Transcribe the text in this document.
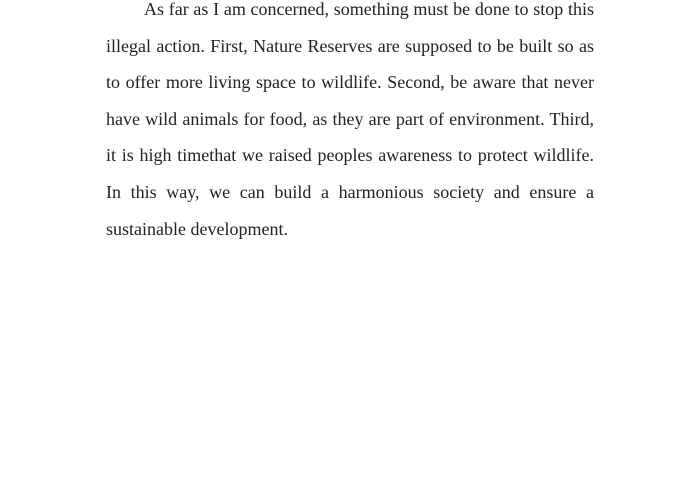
As far as I am concerned, something must be done to stop this illegal action. First, Nature Reserves are supposed to be built so as to offer more living space to wildlife. Second, be aware that never have wild animals for food, as they are part of environment. Third, it is high timethat we raised peoples awareness to protect wildlife. In this way, we can build a harmonious society and ensure a sustainable development.
